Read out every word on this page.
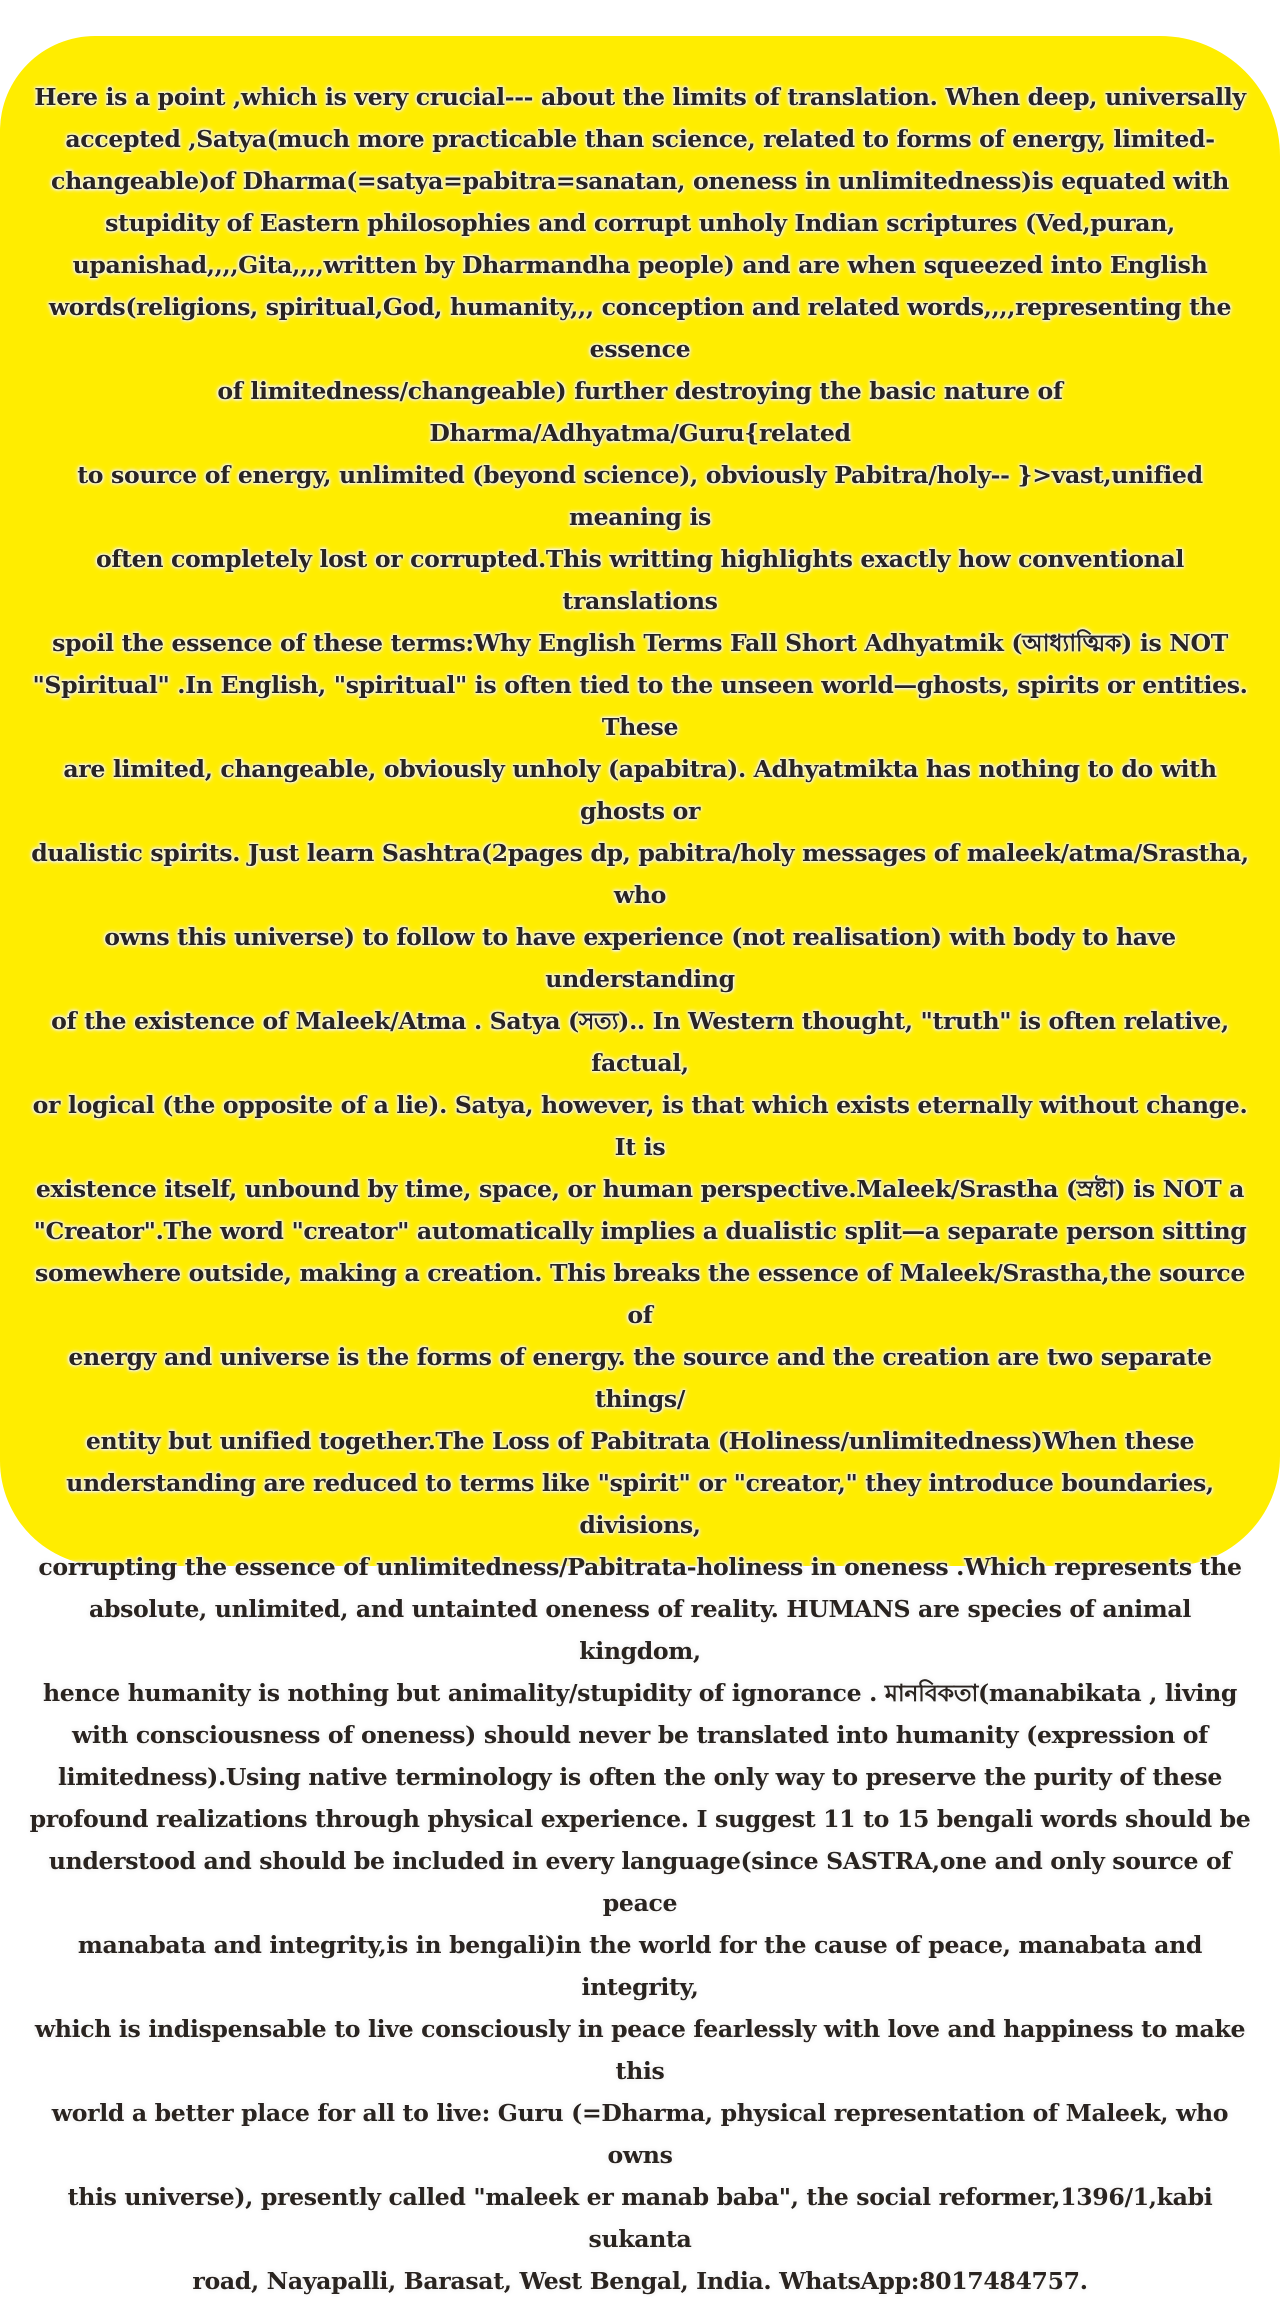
Here is a point ,which is very crucial--- about the limits of translation. When deep, universally
accepted ,Satya(much more practicable than science, related to forms of energy, limited-
changeable)of Dharma(=satya=pabitra=sanatan, oneness in unlimitedness)is equated with
stupidity of Eastern philosophies and corrupt unholy Indian scriptures (Ved,puran,
upanishad,,,,Gita,,,,written by Dharmandha people) and are when squeezed into English
words(religions, spiritual,God, humanity,,, conception and related words,,,,representing the essence
of limitedness/changeable) further destroying the basic nature of Dharma/Adhyatma/Guru{related
to source of energy, unlimited (beyond science), obviously Pabitra/holy-- }>vast,unified meaning is
often completely lost or corrupted.This writting highlights exactly how conventional translations
spoil the essence of these terms:Why English Terms Fall Short Adhyatmik (আধ্যাত্মিক) is NOT
"Spiritual" .In English, "spiritual" is often tied to the unseen world—ghosts, spirits or entities. These
are limited, changeable, obviously unholy (apabitra). Adhyatmikta has nothing to do with ghosts or
dualistic spirits. Just learn Sashtra(2pages dp, pabitra/holy messages of maleek/atma/Srastha, who
owns this universe) to follow to have experience (not realisation) with body to have understanding
of the existence of Maleek/Atma . Satya (সত্য).. In Western thought, "truth" is often relative, factual,
or logical (the opposite of a lie). Satya, however, is that which exists eternally without change. It is
existence itself, unbound by time, space, or human perspective.Maleek/Srastha (স্রষ্টা) is NOT a
"Creator".The word "creator" automatically implies a dualistic split—a separate person sitting
somewhere outside, making a creation. This breaks the essence of Maleek/Srastha,the source of
energy and universe is the forms of energy. the source and the creation are two separate things/
entity but unified together.The Loss of Pabitrata (Holiness/unlimitedness)When these
understanding are reduced to terms like "spirit" or "creator," they introduce boundaries, divisions,
corrupting the essence of unlimitedness/Pabitrata-holiness in oneness .Which represents the
absolute, unlimited, and untainted oneness of reality. HUMANS are species of animal kingdom,
hence humanity is nothing but animality/stupidity of ignorance . মানবিকতা(manabikata , living
with consciousness of oneness) should never be translated into humanity (expression of
limitedness).Using native terminology is often the only way to preserve the purity of these
profound realizations through physical experience. I suggest 11 to 15 bengali words should be
understood and should be included in every language(since SASTRA,one and only source of peace
manabata and integrity,is in bengali)in the world for the cause of peace, manabata and integrity,
which is indispensable to live consciously in peace fearlessly with love and happiness to make this
world a better place for all to live: Guru (=Dharma, physical representation of Maleek, who owns
this universe), presently called "maleek er manab baba", the social reformer,1396/1,kabi sukanta
road, Nayapalli, Barasat, West Bengal, India. WhatsApp:8017484757.
